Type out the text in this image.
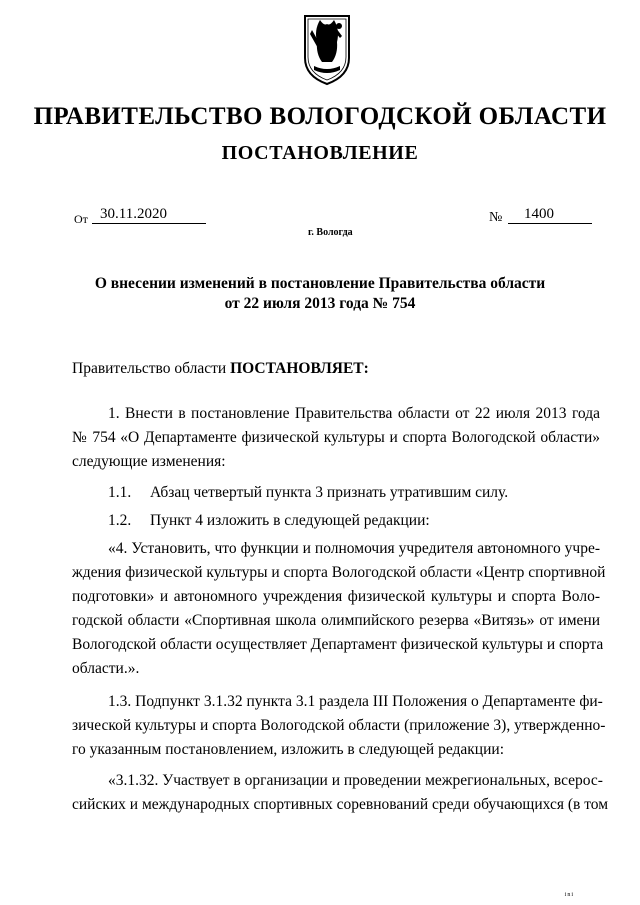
ПРАВИТЕЛЬСТВО ВОЛОГОДСКОЙ ОБЛАСТИ
ПОСТАНОВЛЕНИЕ
От 30.11.2020	№	1400
г. Вологда
О внесении изменений в постановление Правительства области
от 22 июля 2013 года № 754
Правительство области ПОСТАНОВЛЯЕТ:
1. Внести в постановление Правительства области от 22 июля 2013 года
№ 754 «О Департаменте физической культуры и спорта Вологодской области»
следующие изменения:
1.1. Абзац четвертый пункта 3 признать утратившим силу.
1.2. Пункт 4 изложить в следующей редакции:
«4. Установить, что функции и полномочия учредителя автономного учре-
ждения физической культуры и спорта Вологодской области «Центр спортивной
подготовки» и автономного учреждения физической культуры и спорта Воло-
годской области «Спортивная школа олимпийского резерва «Витязь» от имени
Вологодской области осуществляет Департамент физической культуры и спорта
области.».
1.3. Подпункт 3.1.32 пункта 3.1 раздела III Положения о Департаменте фи-
зической культуры и спорта Вологодской области (приложение 3), утвержденно-
го указанным постановлением, изложить в следующей редакции:
«3.1.32. Участвует в организации и проведении межрегиональных, всерос-
сийских и международных спортивных соревнований среди обучающихся (в том
ini
